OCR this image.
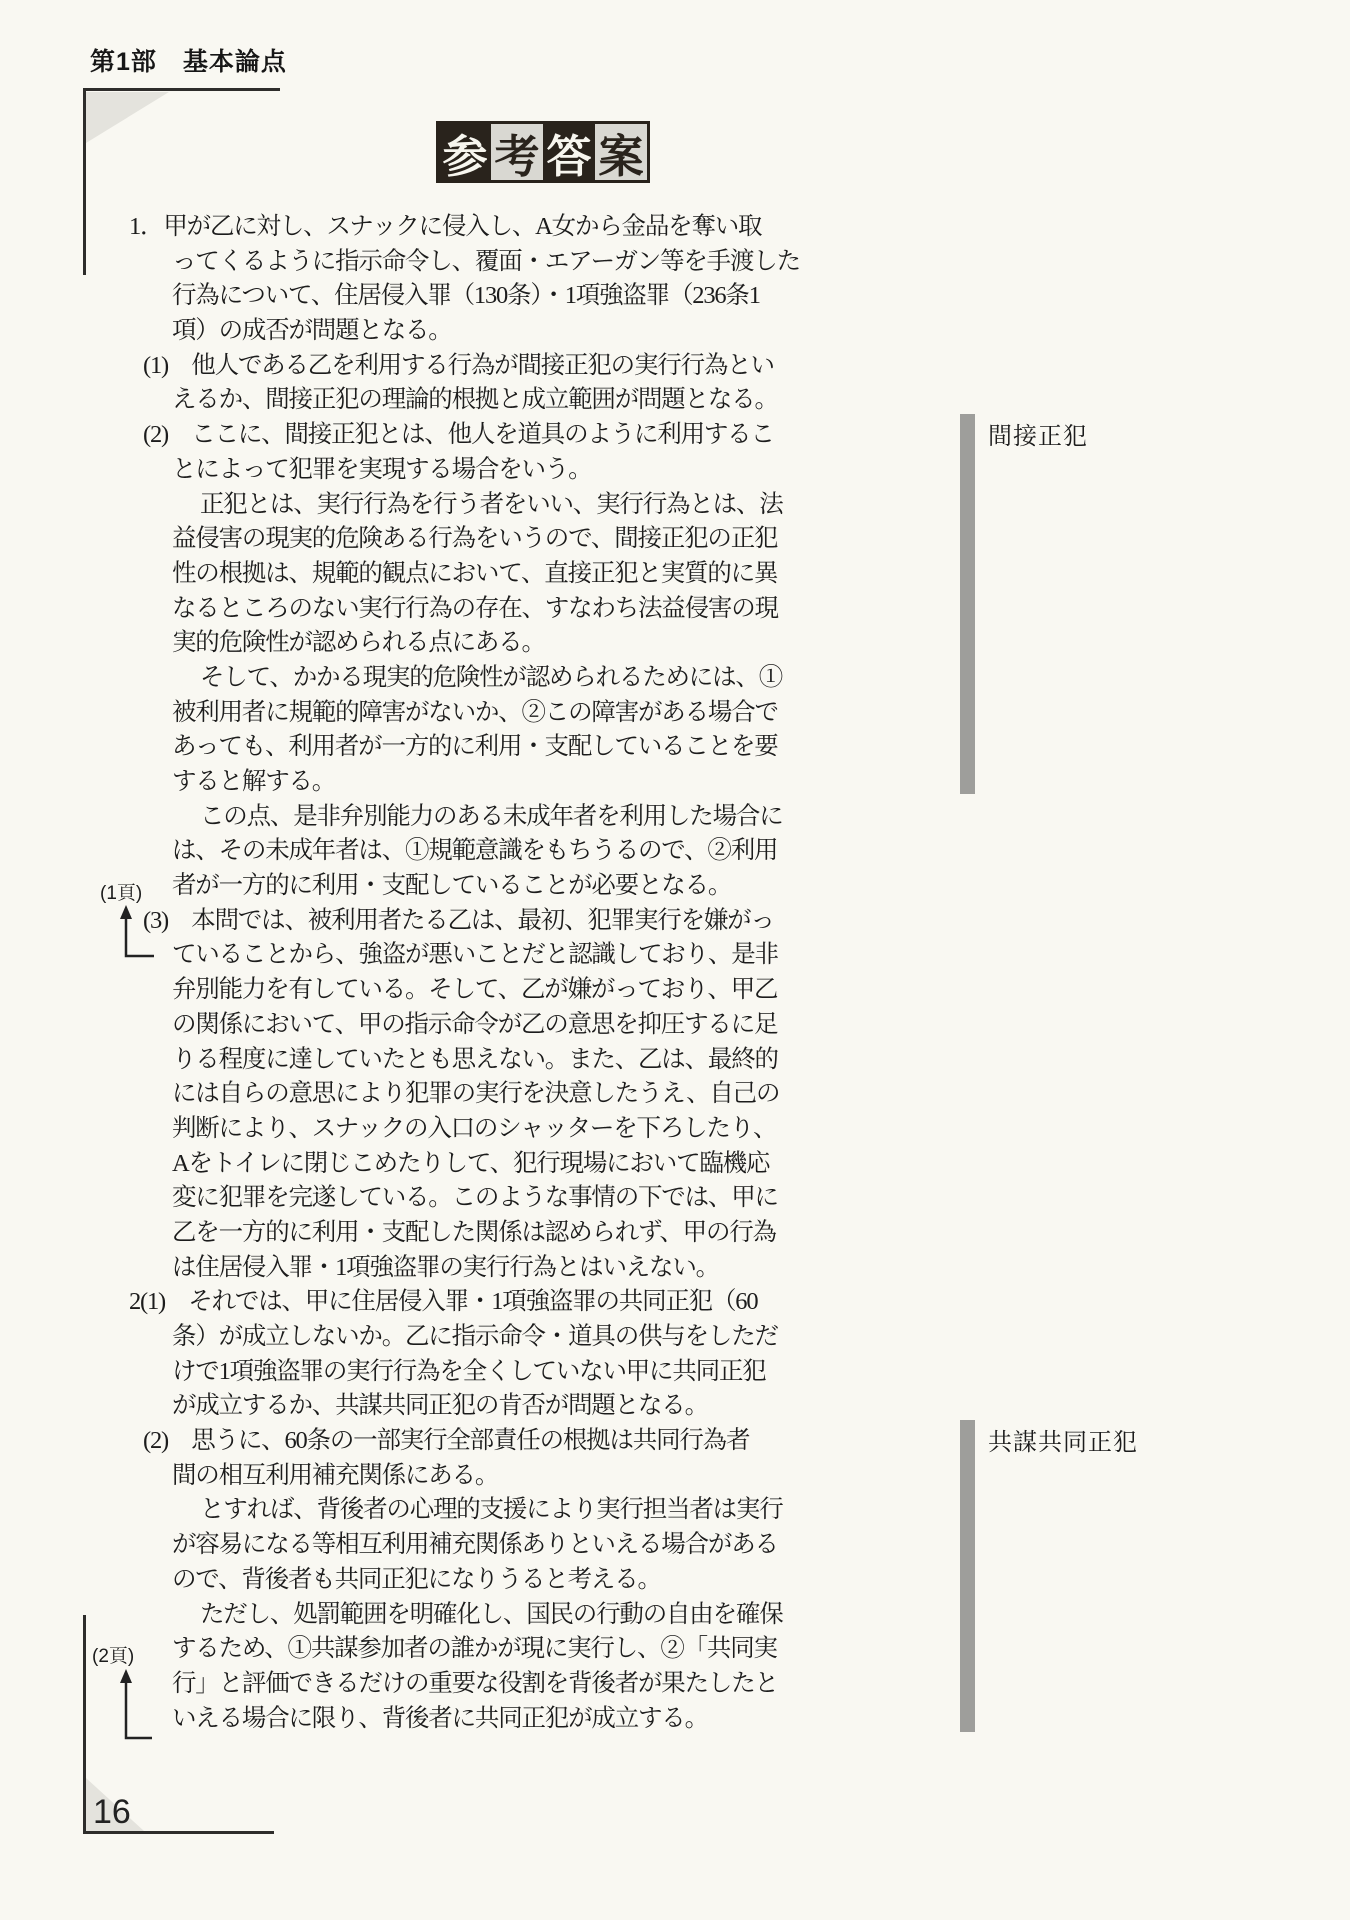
第1部　基本論点
参 考 答 案
1．甲が乙に対し、スナックに侵入し、A女から金品を奪い取
ってくるように指示命令し、覆面・エアーガン等を手渡した
行為について、住居侵入罪（130条）・1項強盗罪（236条1
項）の成否が問題となる。
(1)　他人である乙を利用する行為が間接正犯の実行行為とい
えるか、間接正犯の理論的根拠と成立範囲が問題となる。
(2)　ここに、間接正犯とは、他人を道具のように利用するこ
とによって犯罪を実現する場合をいう。
正犯とは、実行行為を行う者をいい、実行行為とは、法
益侵害の現実的危険ある行為をいうので、間接正犯の正犯
性の根拠は、規範的観点において、直接正犯と実質的に異
なるところのない実行行為の存在、すなわち法益侵害の現
実的危険性が認められる点にある。
そして、かかる現実的危険性が認められるためには、①
被利用者に規範的障害がないか、②この障害がある場合で
あっても、利用者が一方的に利用・支配していることを要
すると解する。
この点、是非弁別能力のある未成年者を利用した場合に
は、その未成年者は、①規範意識をもちうるので、②利用
者が一方的に利用・支配していることが必要となる。
(3)　本問では、被利用者たる乙は、最初、犯罪実行を嫌がっ
ていることから、強盗が悪いことだと認識しており、是非
弁別能力を有している。そして、乙が嫌がっており、甲乙
の関係において、甲の指示命令が乙の意思を抑圧するに足
りる程度に達していたとも思えない。また、乙は、最終的
には自らの意思により犯罪の実行を決意したうえ、自己の
判断により、スナックの入口のシャッターを下ろしたり、
Aをトイレに閉じこめたりして、犯行現場において臨機応
変に犯罪を完遂している。このような事情の下では、甲に
乙を一方的に利用・支配した関係は認められず、甲の行為
は住居侵入罪・1項強盗罪の実行行為とはいえない。
2(1)　それでは、甲に住居侵入罪・1項強盗罪の共同正犯（60
条）が成立しないか。乙に指示命令・道具の供与をしただ
けで1項強盗罪の実行行為を全くしていない甲に共同正犯
が成立するか、共謀共同正犯の肯否が問題となる。
(2)　思うに、60条の一部実行全部責任の根拠は共同行為者
間の相互利用補充関係にある。
とすれば、背後者の心理的支援により実行担当者は実行
が容易になる等相互利用補充関係ありといえる場合がある
ので、背後者も共同正犯になりうると考える。
ただし、処罰範囲を明確化し、国民の行動の自由を確保
するため、①共謀参加者の誰かが現に実行し、②「共同実
行」と評価できるだけの重要な役割を背後者が果たしたと
いえる場合に限り、背後者に共同正犯が成立する。
間接正犯
共謀共同正犯
(1頁)
(2頁)
16
